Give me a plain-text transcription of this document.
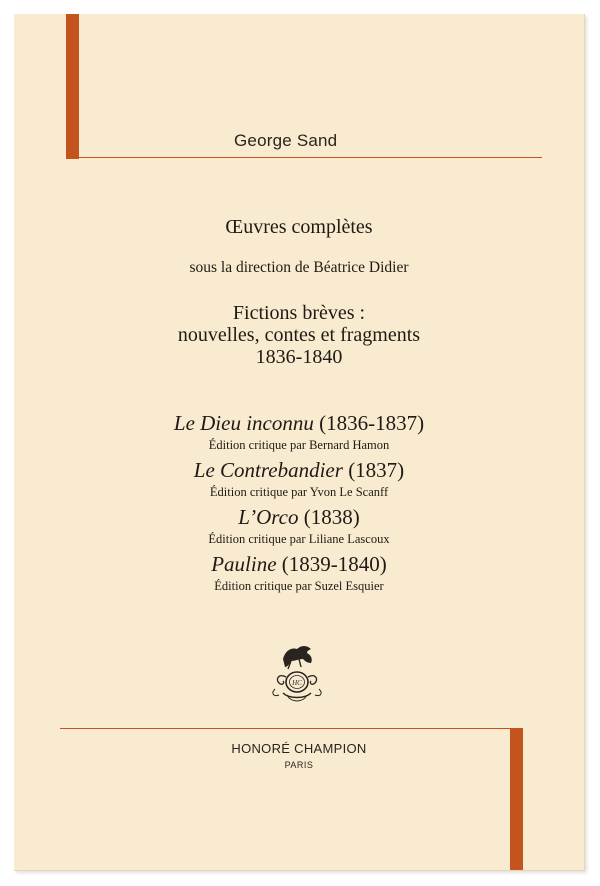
George Sand
Œuvres complètes
sous la direction de Béatrice Didier
Fictions brèves :
nouvelles, contes et fragments
1836-1840
Le Dieu inconnu (1836-1837)
Édition critique par Bernard Hamon
Le Contrebandier (1837)
Édition critique par Yvon Le Scanff
L’Orco (1838)
Édition critique par Liliane Lascoux
Pauline (1839-1840)
Édition critique par Suzel Esquier
HC
HONORÉ CHAMPION
PARIS
